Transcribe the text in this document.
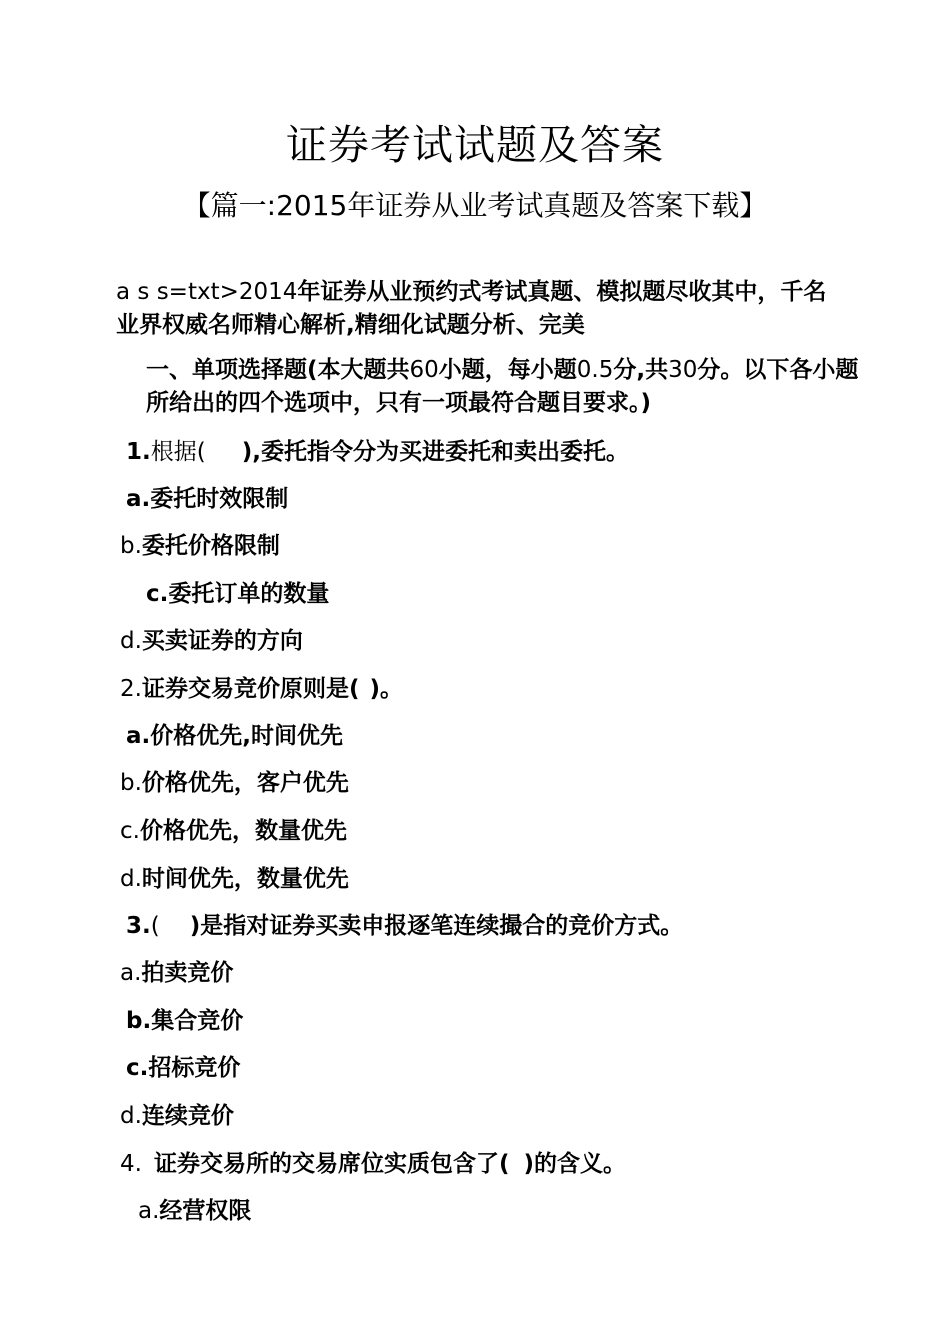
证券考试试题及答案
【篇一:2015年证券从业考试真题及答案下载】
a s s=txt>2014年证券从业预约式考试真题、模拟题尽收其中，千名业界权威名师精心解析,精细化试题分析、完美
一、单项选择题(本大题共60小题，每小题0.5分,共30分。以下各小题所给出的四个选项中，只有一项最符合题目要求。)
1.根据( ),委托指令分为买进委托和卖出委托。
a.委托时效限制
b.委托价格限制
c.委托订单的数量
d.买卖证券的方向
2.证券交易竞价原则是( )。
a.价格优先,时间优先
b.价格优先，客户优先
c.价格优先，数量优先
d.时间优先，数量优先
3.( )是指对证券买卖申报逐笔连续撮合的竞价方式。
a.拍卖竞价
b.集合竞价
c.招标竞价
d.连续竞价
4. 证券交易所的交易席位实质包含了( )的含义。
a.经营权限
